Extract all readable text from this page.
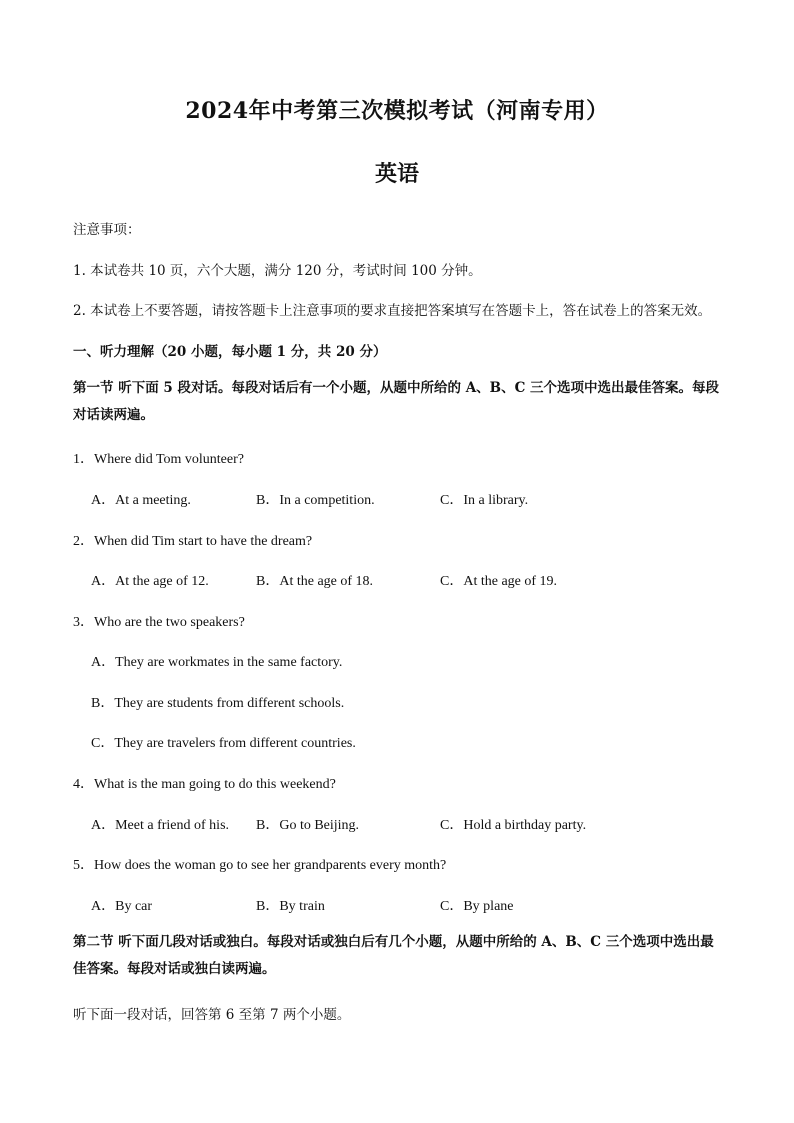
2024年中考第三次模拟考试（河南专用）
英语
注意事项：
1. 本试卷共 10 页，六个大题，满分 120 分，考试时间 100 分钟。
2. 本试卷上不要答题，请按答题卡上注意事项的要求直接把答案填写在答题卡上，答在试卷上的答案无效。
一、听力理解（20 小题，每小题 1 分，共 20 分）
第一节 听下面 5 段对话。每段对话后有一个小题，从题中所给的 A、B、C 三个选项中选出最佳答案。每段对话读两遍。
1．Where did Tom volunteer?
A．At a meeting.	B．In a competition.	C．In a library.
2．When did Tim start to have the dream?
A．At the age of 12.	B．At the age of 18.	C．At the age of 19.
3．Who are the two speakers?
A．They are workmates in the same factory.
B．They are students from different schools.
C．They are travelers from different countries.
4．What is the man going to do this weekend?
A．Meet a friend of his. B．Go to Beijing.	C．Hold a birthday party.
5．How does the woman go to see her grandparents every month?
A．By car	B．By train	C．By plane
第二节 听下面几段对话或独白。每段对话或独白后有几个小题，从题中所给的 A、B、C 三个选项中选出最佳答案。每段对话或独白读两遍。
听下面一段对话，回答第 6 至第 7 两个小题。
